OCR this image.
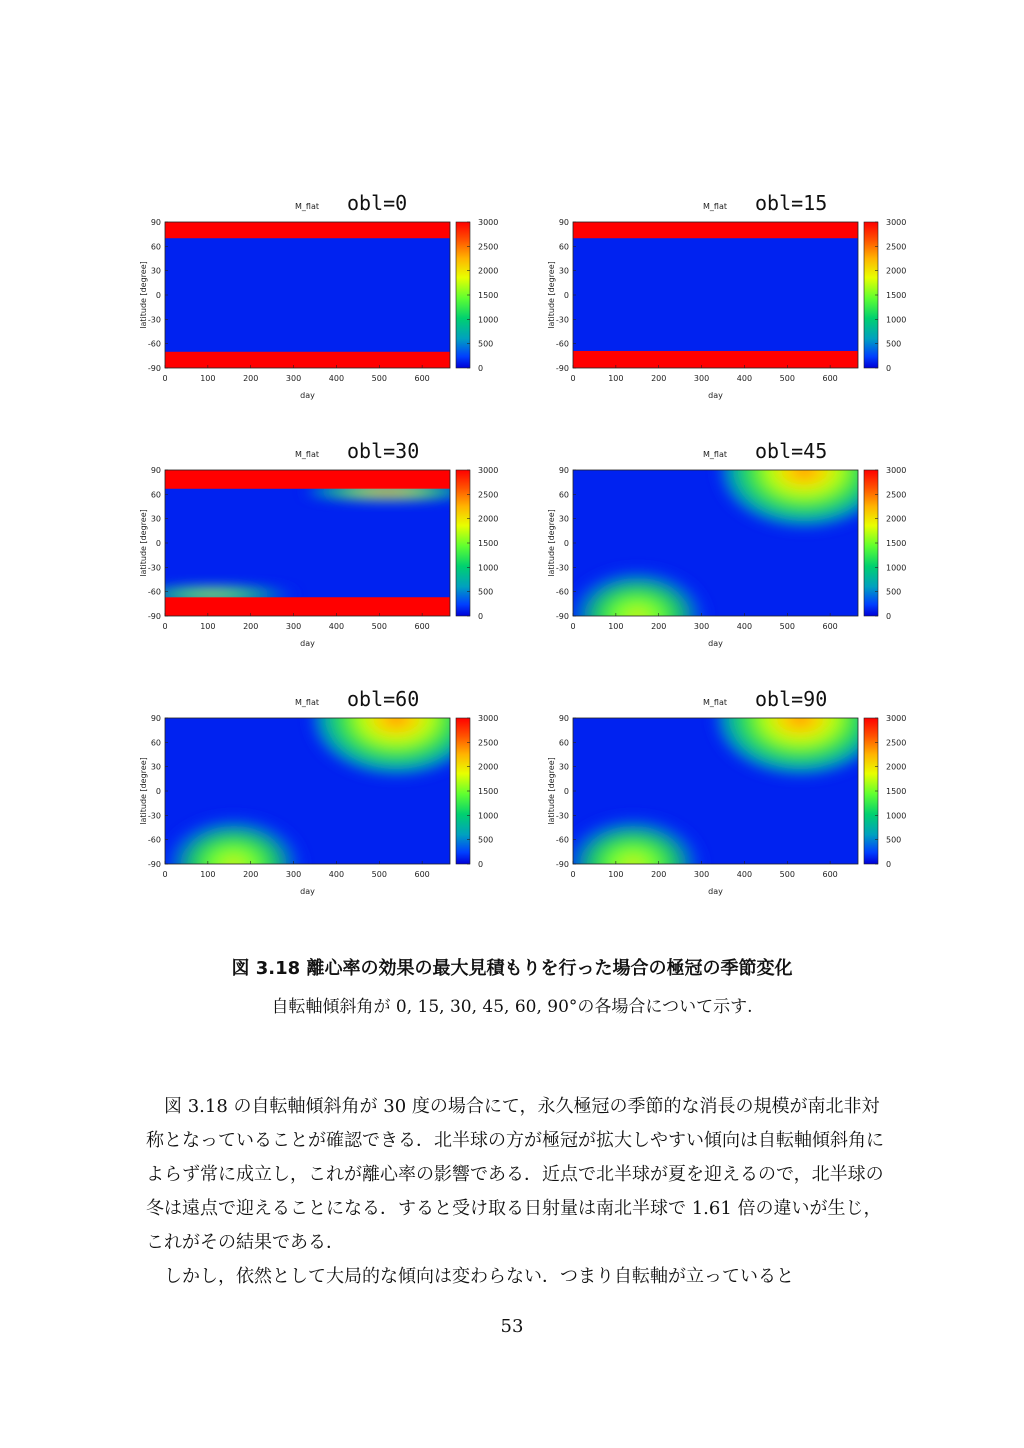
M_flat obl=0
90
60
30
0
-30
-60
-90
0	100	200	300	400	500	600
day
latitude [degree]
3000
2500
2000
1500
1000
500
0
M_flat obl=15
90
60
30
0
-30
-60
-90
0	100	200	300	400	500	600
day
latitude [degree]
3000
2500
2000
1500
1000
500
0
M_flat obl=30
90
60
30
0
-30
-60
-90
0	100	200	300	400	500	600
day
latitude [degree]
3000
2500
2000
1500
1000
500
0
M_flat obl=45
90
60
30
0
-30
-60
-90
0	100	200	300	400	500	600
day
latitude [degree]
3000
2500
2000
1500
1000
500
0
M_flat obl=60
90
60
30
0
-30
-60
-90
0	100	200	300	400	500	600
day
latitude [degree]
3000
2500
2000
1500
1000
500
0
M_flat obl=90
90
60
30
0
-30
-60
-90
0	100	200	300	400	500	600
day
latitude [degree]
3000
2500
2000
1500
1000
500
0
図 3.18 離心率の効果の最大見積もりを行った場合の極冠の季節変化
自転軸傾斜角が 0, 15, 30, 45, 60, 90°の各場合について示す.

図 3.18 の自転軸傾斜角が 30 度の場合にて，永久極冠の季節的な消長の規模が南北非対称となっていることが確認できる．北半球の方が極冠が拡大しやすい傾向は自転軸傾斜角によらず常に成立し，これが離心率の影響である．近点で北半球が夏を迎えるので，北半球の冬は遠点で迎えることになる．すると受け取る日射量は南北半球で 1.61 倍の違いが生じ，これがその結果である．

しかし，依然として大局的な傾向は変わらない．つまり自転軸が立っていると

53
